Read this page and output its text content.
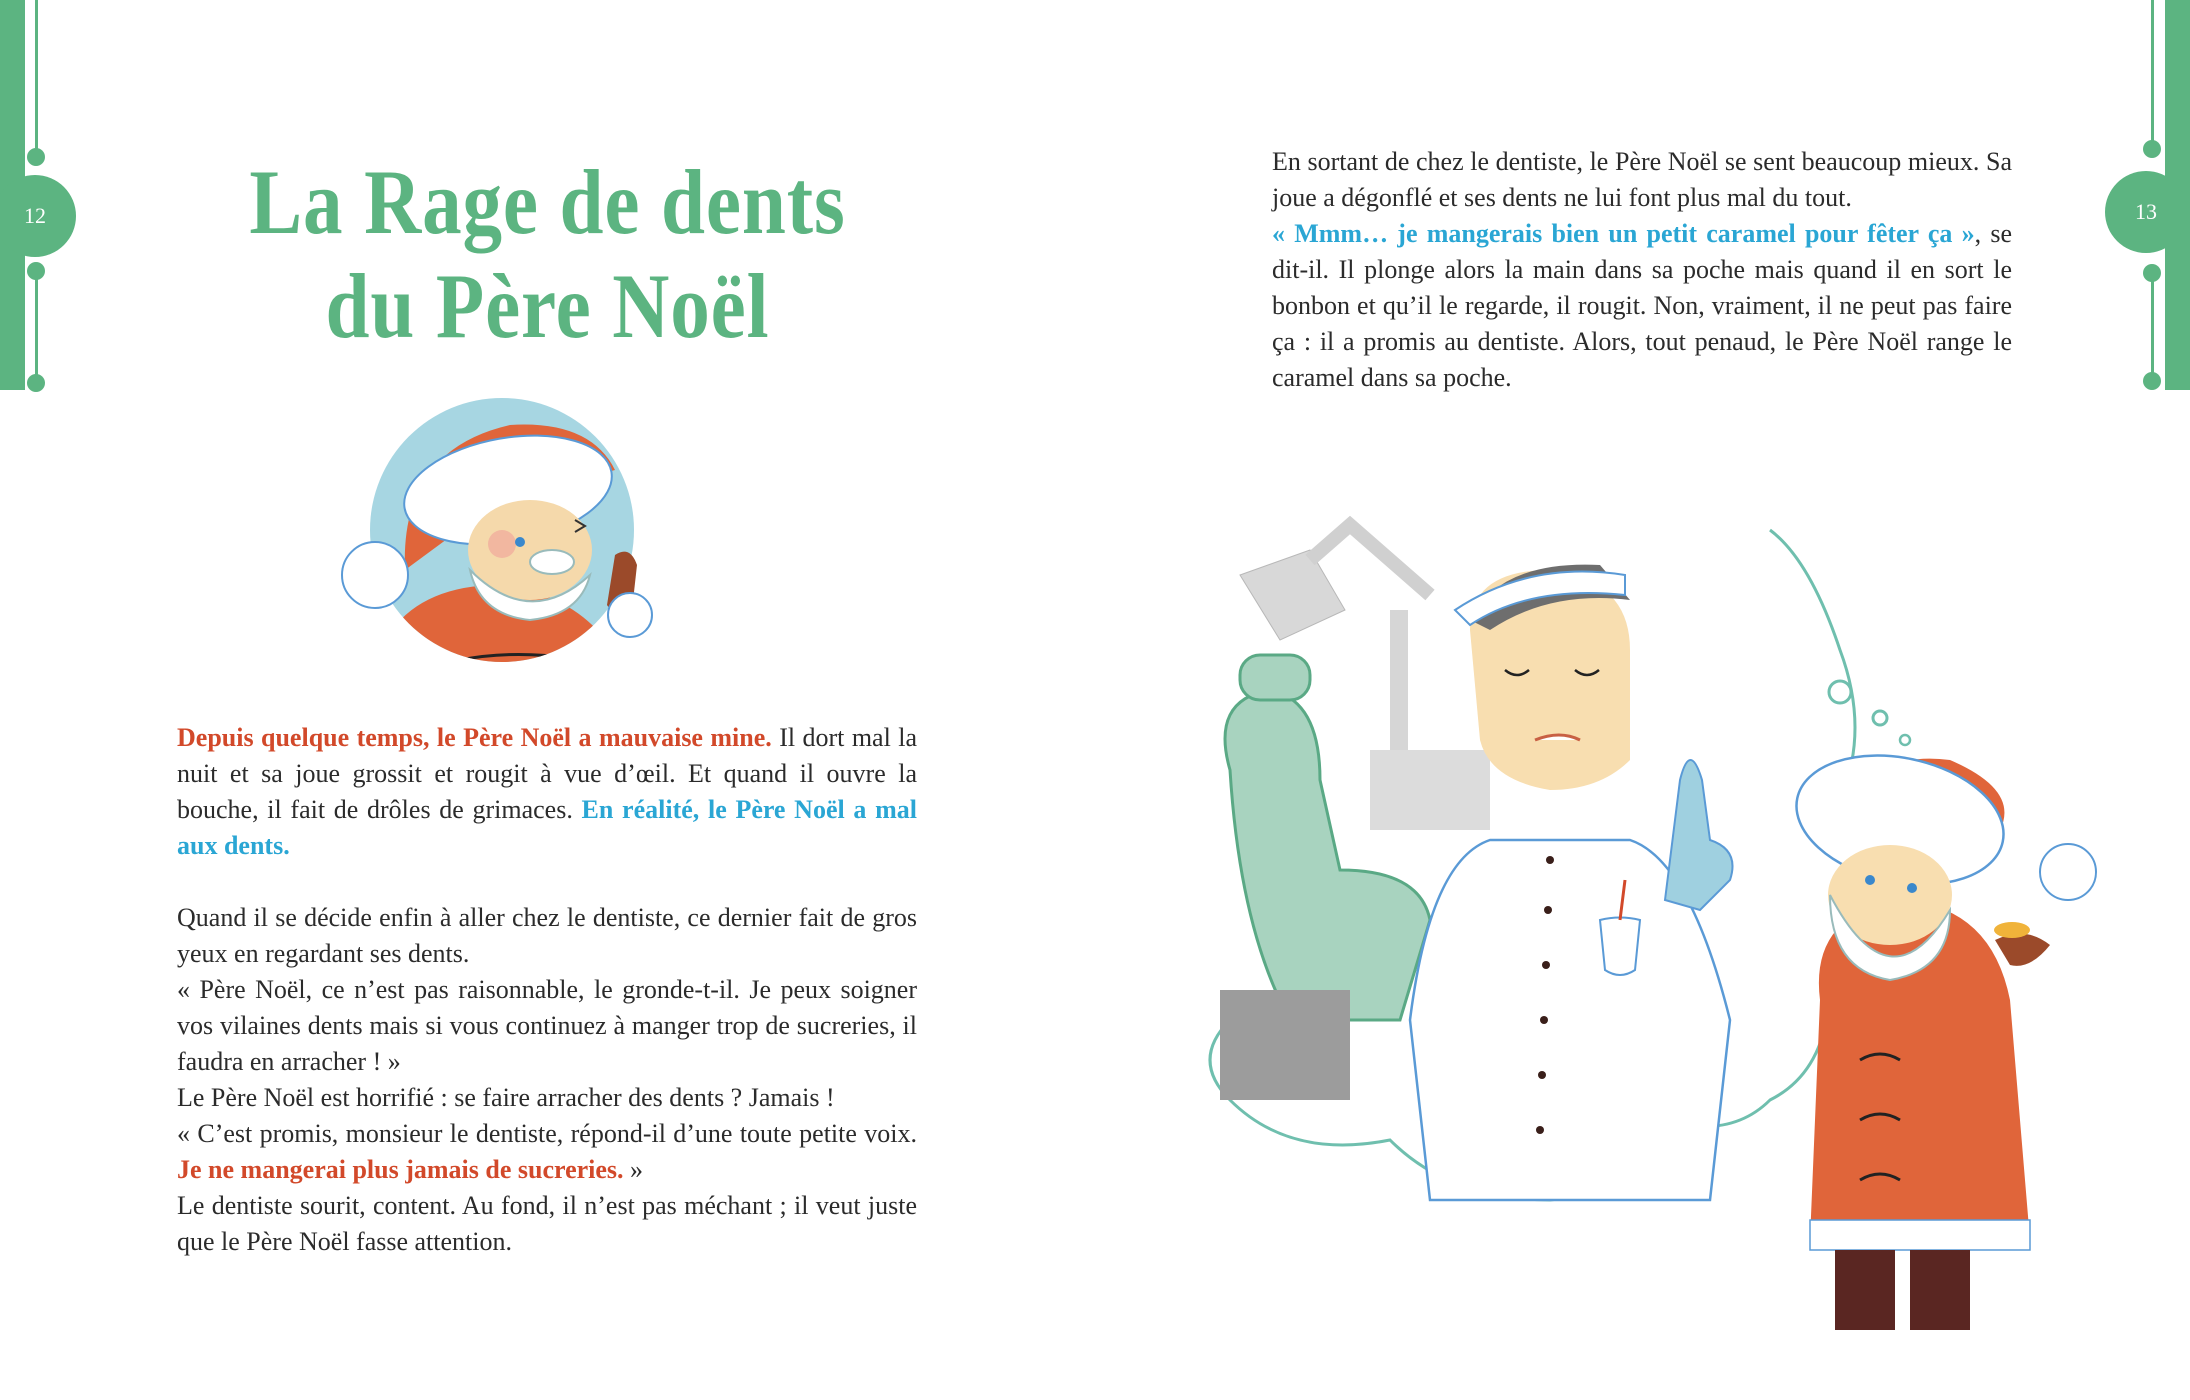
12	La Rage de dents
du Père Noël

Depuis quelque temps, le Père Noël a mauvaise mine. Il dort mal la nuit et sa joue grossit et rougit à vue d’œil. Et quand il ouvre la bouche, il fait de drôles de grimaces. En réalité, le Père Noël a mal aux dents.

Quand il se décide enfin à aller chez le dentiste, ce dernier fait de gros yeux en regardant ses dents.

« Père Noël, ce n’est pas raisonnable, le gronde-t-il. Je peux soigner vos vilaines dents mais si vous continuez à manger trop de sucreries, il faudra en arracher ! »

Le Père Noël est horrifié : se faire arracher des dents ? Jamais !

« C’est promis, monsieur le dentiste, répond-il d’une toute petite voix. Je ne mangerai plus jamais de sucreries. »

Le dentiste sourit, content. Au fond, il n’est pas méchant ; il veut juste que le Père Noël fasse attention.

13

En sortant de chez le dentiste, le Père Noël se sent beaucoup mieux. Sa joue a dégonflé et ses dents ne lui font plus mal du tout.

« Mmm… je mangerais bien un petit caramel pour fêter ça », se dit-il. Il plonge alors la main dans sa poche mais quand il en sort le bonbon et qu’il le regarde, il rougit. Non, vraiment, il ne peut pas faire ça : il a promis au dentiste. Alors, tout penaud, le Père Noël range le caramel dans sa poche.
